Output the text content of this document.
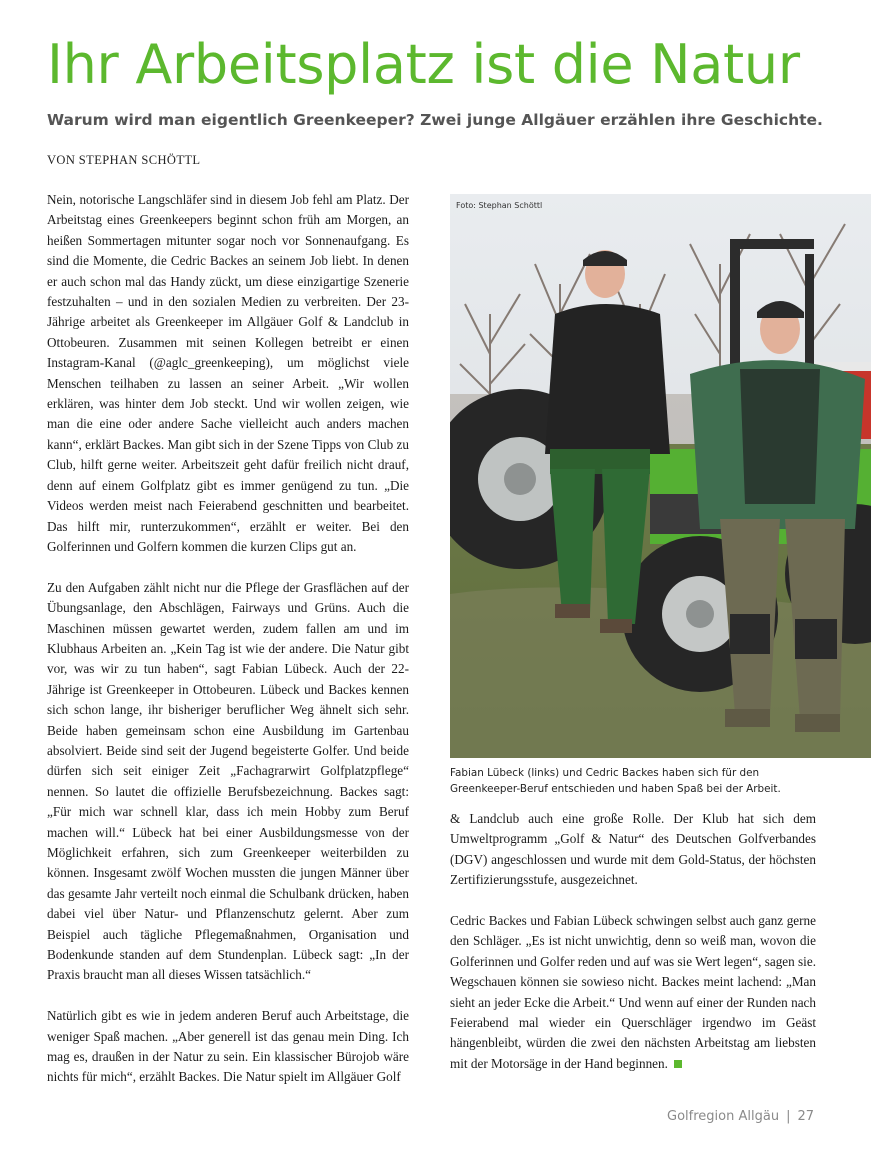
Ihr Arbeitsplatz ist die Natur

Warum wird man eigentlich Greenkeeper? Zwei junge Allgäuer erzählen ihre Geschichte.

VON STEPHAN SCHÖTTL

Nein, notorische Langschläfer sind in diesem Job fehl am Platz. Der Arbeitstag eines Greenkeepers beginnt schon früh am Morgen, an heißen Sommertagen mitunter sogar noch vor Sonnenaufgang. Es sind die Momente, die Cedric Backes an seinem Job liebt. In denen er auch schon mal das Handy zückt, um diese einzigartige Szenerie festzuhalten – und in den sozialen Medien zu verbreiten. Der 23-Jährige arbeitet als Greenkeeper im Allgäuer Golf & Landclub in Ottobeuren. Zusammen mit seinen Kollegen betreibt er einen Instagram-Kanal (@aglc_greenkeeping), um möglichst viele Menschen teilhaben zu lassen an seiner Arbeit. „Wir wollen erklären, was hinter dem Job steckt. Und wir wollen zeigen, wie man die eine oder andere Sache vielleicht auch anders machen kann“, erklärt Backes. Man gibt sich in der Szene Tipps von Club zu Club, hilft gerne weiter. Arbeitszeit geht dafür freilich nicht drauf, denn auf einem Golfplatz gibt es immer genügend zu tun. „Die Videos werden meist nach Feierabend geschnitten und bearbeitet. Das hilft mir, runterzukommen“, erzählt er weiter. Bei den Golferinnen und Golfern kommen die kurzen Clips gut an.

Zu den Aufgaben zählt nicht nur die Pflege der Grasflächen auf der Übungsanlage, den Abschlägen, Fairways und Grüns. Auch die Maschinen müssen gewartet werden, zudem fallen am und im Klubhaus Arbeiten an. „Kein Tag ist wie der andere. Die Natur gibt vor, was wir zu tun haben“, sagt Fabian Lübeck. Auch der 22-Jährige ist Greenkeeper in Ottobeuren. Lübeck und Backes kennen sich schon lange, ihr bisheriger beruflicher Weg ähnelt sich sehr. Beide haben gemeinsam schon eine Ausbildung im Gartenbau absolviert. Beide sind seit der Jugend begeisterte Golfer. Und beide dürfen sich seit einiger Zeit „Fachagrarwirt Golfplatzpflege“ nennen. So lautet die offizielle Berufsbezeichnung. Backes sagt: „Für mich war schnell klar, dass ich mein Hobby zum Beruf machen will.“ Lübeck hat bei einer Ausbildungsmesse von der Möglichkeit erfahren, sich zum Greenkeeper weiterbilden zu können. Insgesamt zwölf Wochen mussten die jungen Männer über das gesamte Jahr verteilt noch einmal die Schulbank drücken, haben dabei viel über Natur- und Pflanzenschutz gelernt. Aber zum Beispiel auch tägliche Pflegemaßnahmen, Organisation und Bodenkunde standen auf dem Stundenplan. Lübeck sagt: „In der Praxis braucht man all dieses Wissen tatsächlich.“

Natürlich gibt es wie in jedem anderen Beruf auch Arbeitstage, die weniger Spaß machen. „Aber generell ist das genau mein Ding. Ich mag es, draußen in der Natur zu sein. Ein klassischer Bürojob wäre nichts für mich“, erzählt Backes. Die Natur spielt im Allgäuer Golf

Foto: Stephan Schöttl

Fabian Lübeck (links) und Cedric Backes haben sich für den Greenkeeper-Beruf entschieden und haben Spaß bei der Arbeit.

& Landclub auch eine große Rolle. Der Klub hat sich dem Umweltprogramm „Golf & Natur“ des Deutschen Golfverbandes (DGV) angeschlossen und wurde mit dem Gold-Status, der höchsten Zertifizierungsstufe, ausgezeichnet.

Cedric Backes und Fabian Lübeck schwingen selbst auch ganz gerne den Schläger. „Es ist nicht unwichtig, denn so weiß man, wovon die Golferinnen und Golfer reden und auf was sie Wert legen“, sagen sie. Wegschauen können sie sowieso nicht. Backes meint lachend: „Man sieht an jeder Ecke die Arbeit.“ Und wenn auf einer der Runden nach Feierabend mal wieder ein Querschläger irgendwo im Geäst hängenbleibt, würden die zwei den nächsten Arbeitstag am liebsten mit der Motorsäge in der Hand beginnen.

Golfregion Allgäu | 27
